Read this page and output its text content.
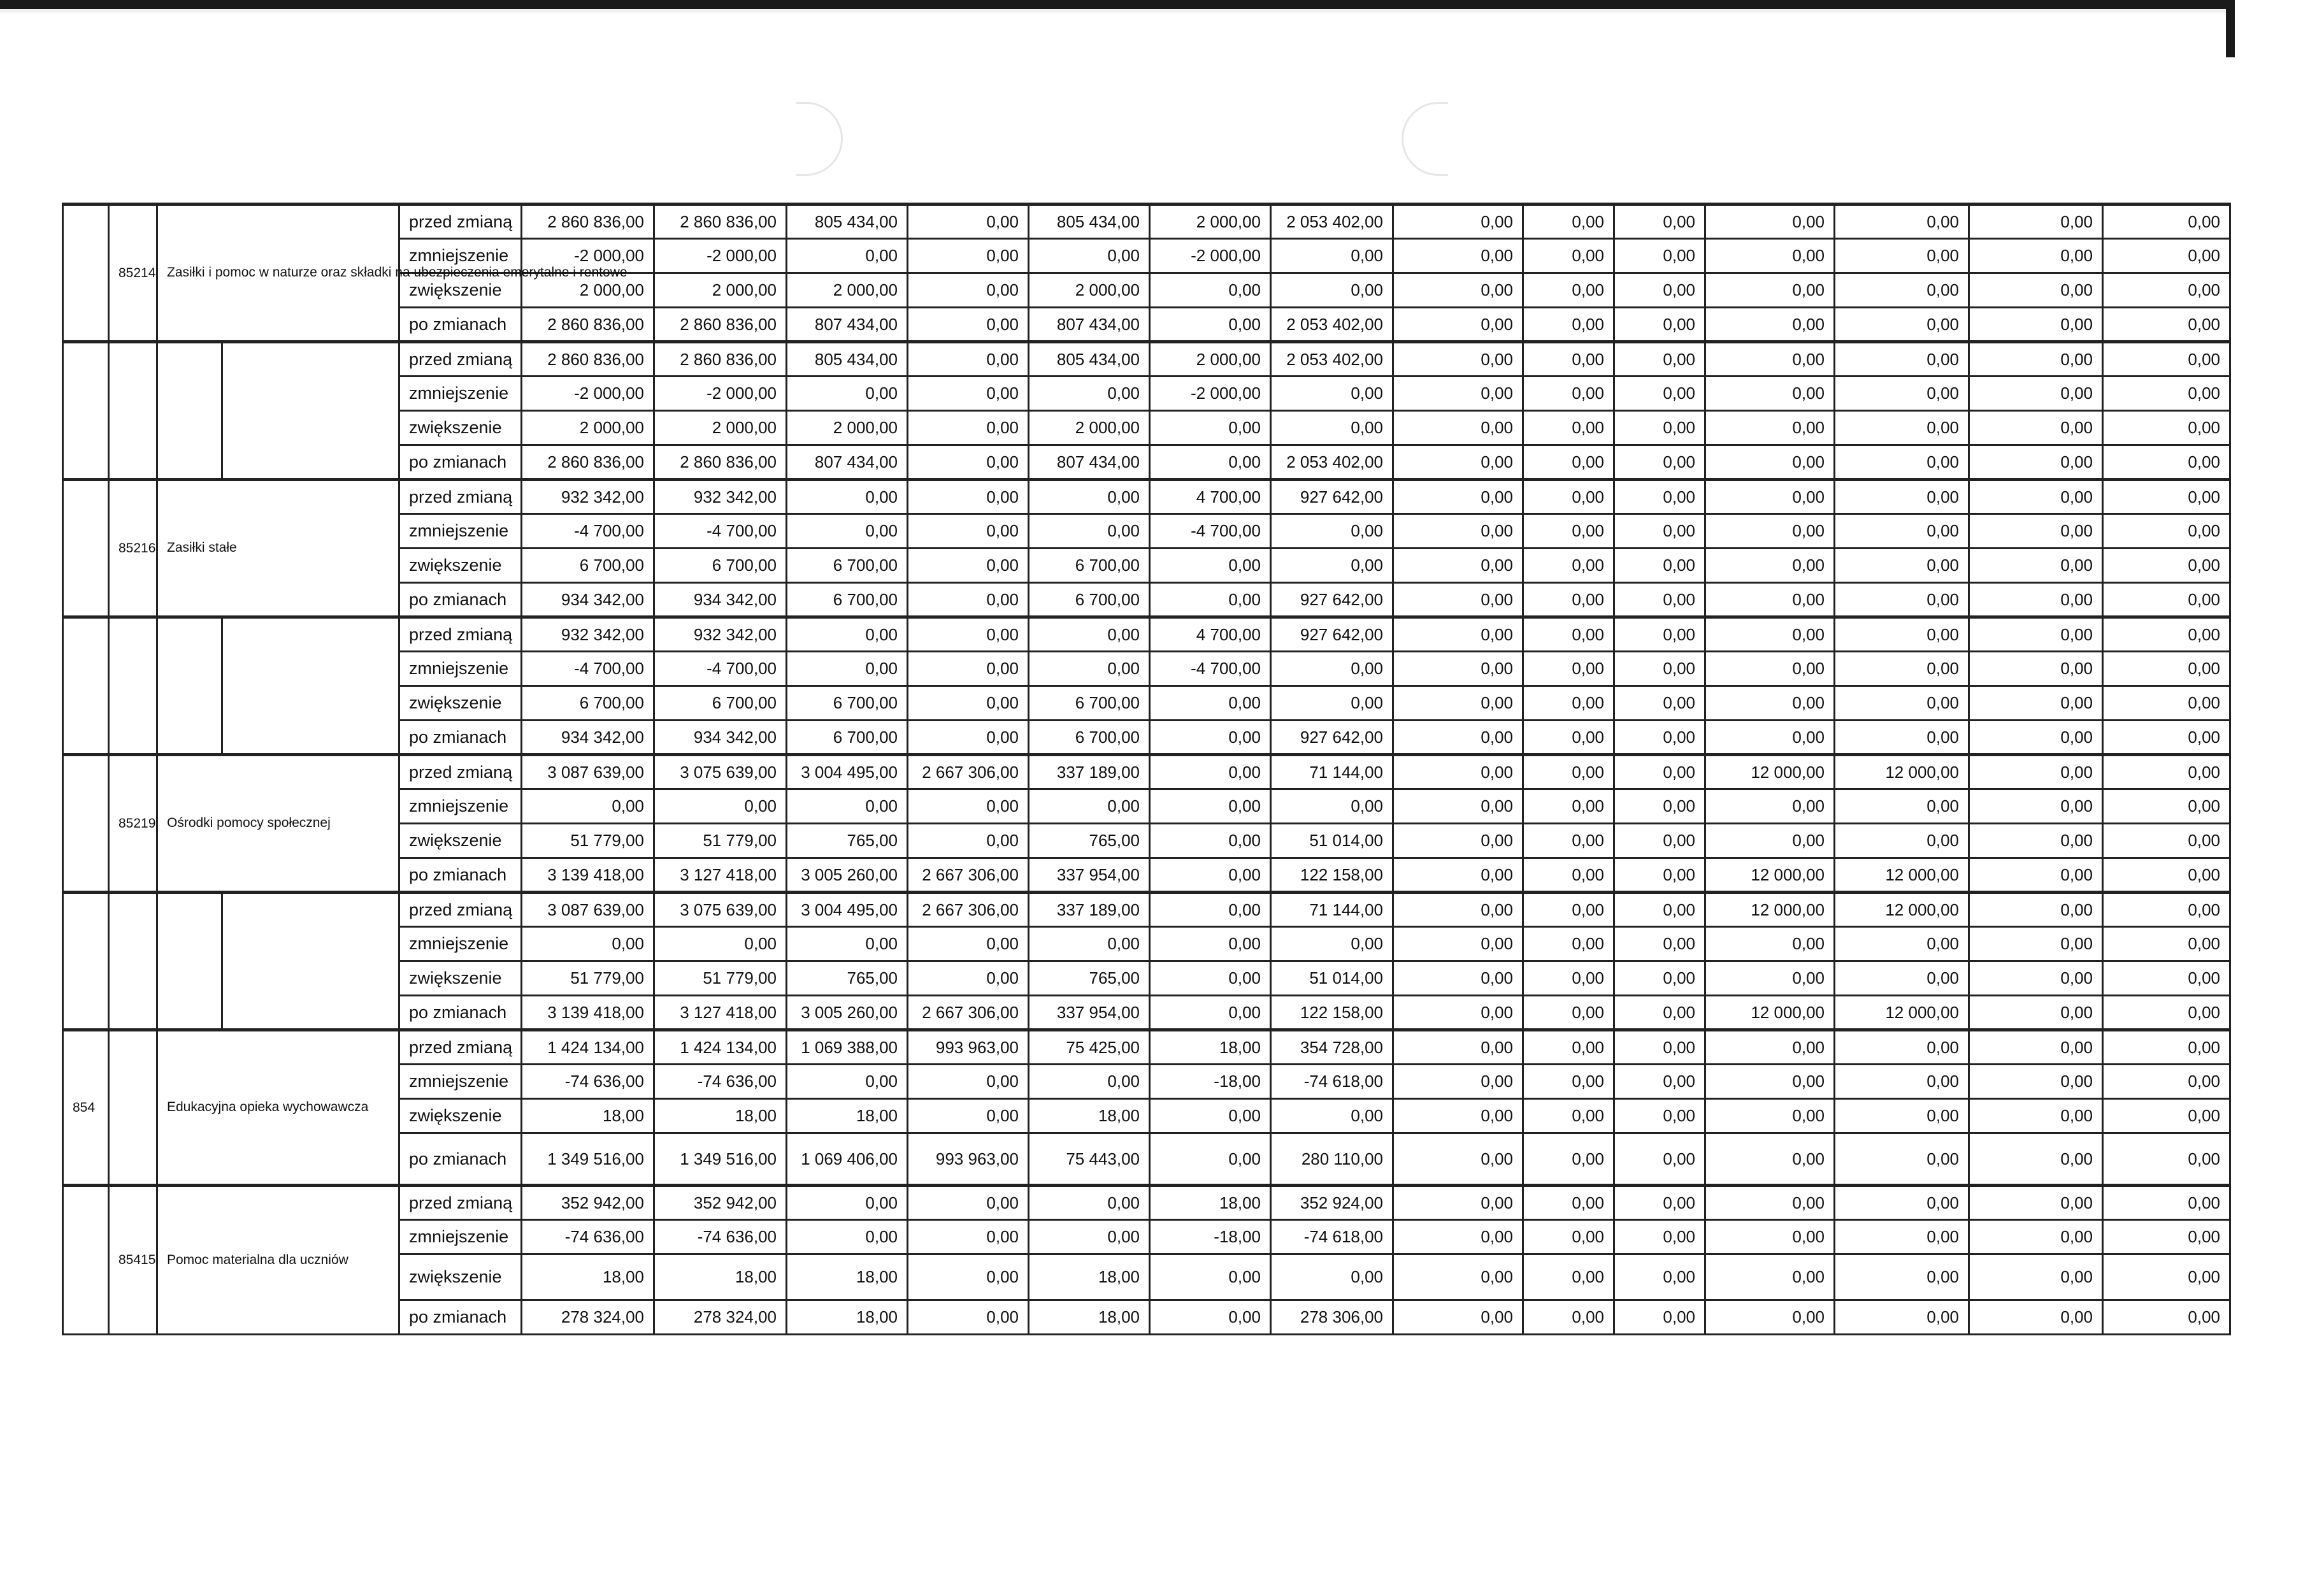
	85214	Zasiłki i pomoc w naturze oraz składki na ubezpieczenia emerytalne i rentowe		przed zmianą	2 860 836,00	2 860 836,00	805 434,00	0,00	805 434,00	2 000,00	2 053 402,00	0,00	0,00	0,00	0,00	0,00	0,00	0,00
				zmniejszenie	-2 000,00	-2 000,00	0,00	0,00	0,00	-2 000,00	0,00	0,00	0,00	0,00	0,00	0,00	0,00	0,00
				zwiększenie	2 000,00	2 000,00	2 000,00	0,00	2 000,00	0,00	0,00	0,00	0,00	0,00	0,00	0,00	0,00	0,00
				po zmianach	2 860 836,00	2 860 836,00	807 434,00	0,00	807 434,00	0,00	2 053 402,00	0,00	0,00	0,00	0,00	0,00	0,00	0,00
				przed zmianą	2 860 836,00	2 860 836,00	805 434,00	0,00	805 434,00	2 000,00	2 053 402,00	0,00	0,00	0,00	0,00	0,00	0,00	0,00
				zmniejszenie	-2 000,00	-2 000,00	0,00	0,00	0,00	-2 000,00	0,00	0,00	0,00	0,00	0,00	0,00	0,00	0,00
				zwiększenie	2 000,00	2 000,00	2 000,00	0,00	2 000,00	0,00	0,00	0,00	0,00	0,00	0,00	0,00	0,00	0,00
				po zmianach	2 860 836,00	2 860 836,00	807 434,00	0,00	807 434,00	0,00	2 053 402,00	0,00	0,00	0,00	0,00	0,00	0,00	0,00
	85216	Zasiłki stałe		przed zmianą	932 342,00	932 342,00	0,00	0,00	0,00	4 700,00	927 642,00	0,00	0,00	0,00	0,00	0,00	0,00	0,00
				zmniejszenie	-4 700,00	-4 700,00	0,00	0,00	0,00	-4 700,00	0,00	0,00	0,00	0,00	0,00	0,00	0,00	0,00
				zwiększenie	6 700,00	6 700,00	6 700,00	0,00	6 700,00	0,00	0,00	0,00	0,00	0,00	0,00	0,00	0,00	0,00
				po zmianach	934 342,00	934 342,00	6 700,00	0,00	6 700,00	0,00	927 642,00	0,00	0,00	0,00	0,00	0,00	0,00	0,00
				przed zmianą	932 342,00	932 342,00	0,00	0,00	0,00	4 700,00	927 642,00	0,00	0,00	0,00	0,00	0,00	0,00	0,00
				zmniejszenie	-4 700,00	-4 700,00	0,00	0,00	0,00	-4 700,00	0,00	0,00	0,00	0,00	0,00	0,00	0,00	0,00
				zwiększenie	6 700,00	6 700,00	6 700,00	0,00	6 700,00	0,00	0,00	0,00	0,00	0,00	0,00	0,00	0,00	0,00
				po zmianach	934 342,00	934 342,00	6 700,00	0,00	6 700,00	0,00	927 642,00	0,00	0,00	0,00	0,00	0,00	0,00	0,00
	85219	Ośrodki pomocy społecznej		przed zmianą	3 087 639,00	3 075 639,00	3 004 495,00	2 667 306,00	337 189,00	0,00	71 144,00	0,00	0,00	0,00	12 000,00	12 000,00	0,00	0,00
				zmniejszenie	0,00	0,00	0,00	0,00	0,00	0,00	0,00	0,00	0,00	0,00	0,00	0,00	0,00	0,00
				zwiększenie	51 779,00	51 779,00	765,00	0,00	765,00	0,00	51 014,00	0,00	0,00	0,00	0,00	0,00	0,00	0,00
				po zmianach	3 139 418,00	3 127 418,00	3 005 260,00	2 667 306,00	337 954,00	0,00	122 158,00	0,00	0,00	0,00	12 000,00	12 000,00	0,00	0,00
				przed zmianą	3 087 639,00	3 075 639,00	3 004 495,00	2 667 306,00	337 189,00	0,00	71 144,00	0,00	0,00	0,00	12 000,00	12 000,00	0,00	0,00
				zmniejszenie	0,00	0,00	0,00	0,00	0,00	0,00	0,00	0,00	0,00	0,00	0,00	0,00	0,00	0,00
				zwiększenie	51 779,00	51 779,00	765,00	0,00	765,00	0,00	51 014,00	0,00	0,00	0,00	0,00	0,00	0,00	0,00
				po zmianach	3 139 418,00	3 127 418,00	3 005 260,00	2 667 306,00	337 954,00	0,00	122 158,00	0,00	0,00	0,00	12 000,00	12 000,00	0,00	0,00
854		Edukacyjna opieka wychowawcza		przed zmianą	1 424 134,00	1 424 134,00	1 069 388,00	993 963,00	75 425,00	18,00	354 728,00	0,00	0,00	0,00	0,00	0,00	0,00	0,00
				zmniejszenie	-74 636,00	-74 636,00	0,00	0,00	0,00	-18,00	-74 618,00	0,00	0,00	0,00	0,00	0,00	0,00	0,00
				zwiększenie	18,00	18,00	18,00	0,00	18,00	0,00	0,00	0,00	0,00	0,00	0,00	0,00	0,00	0,00
				po zmianach	1 349 516,00	1 349 516,00	1 069 406,00	993 963,00	75 443,00	0,00	280 110,00	0,00	0,00	0,00	0,00	0,00	0,00	0,00
	85415	Pomoc materialna dla uczniów		przed zmianą	352 942,00	352 942,00	0,00	0,00	0,00	18,00	352 924,00	0,00	0,00	0,00	0,00	0,00	0,00	0,00
				zmniejszenie	-74 636,00	-74 636,00	0,00	0,00	0,00	-18,00	-74 618,00	0,00	0,00	0,00	0,00	0,00	0,00	0,00
				zwiększenie	18,00	18,00	18,00	0,00	18,00	0,00	0,00	0,00	0,00	0,00	0,00	0,00	0,00	0,00
				po zmianach	278 324,00	278 324,00	18,00	0,00	18,00	0,00	278 306,00	0,00	0,00	0,00	0,00	0,00	0,00	0,00
